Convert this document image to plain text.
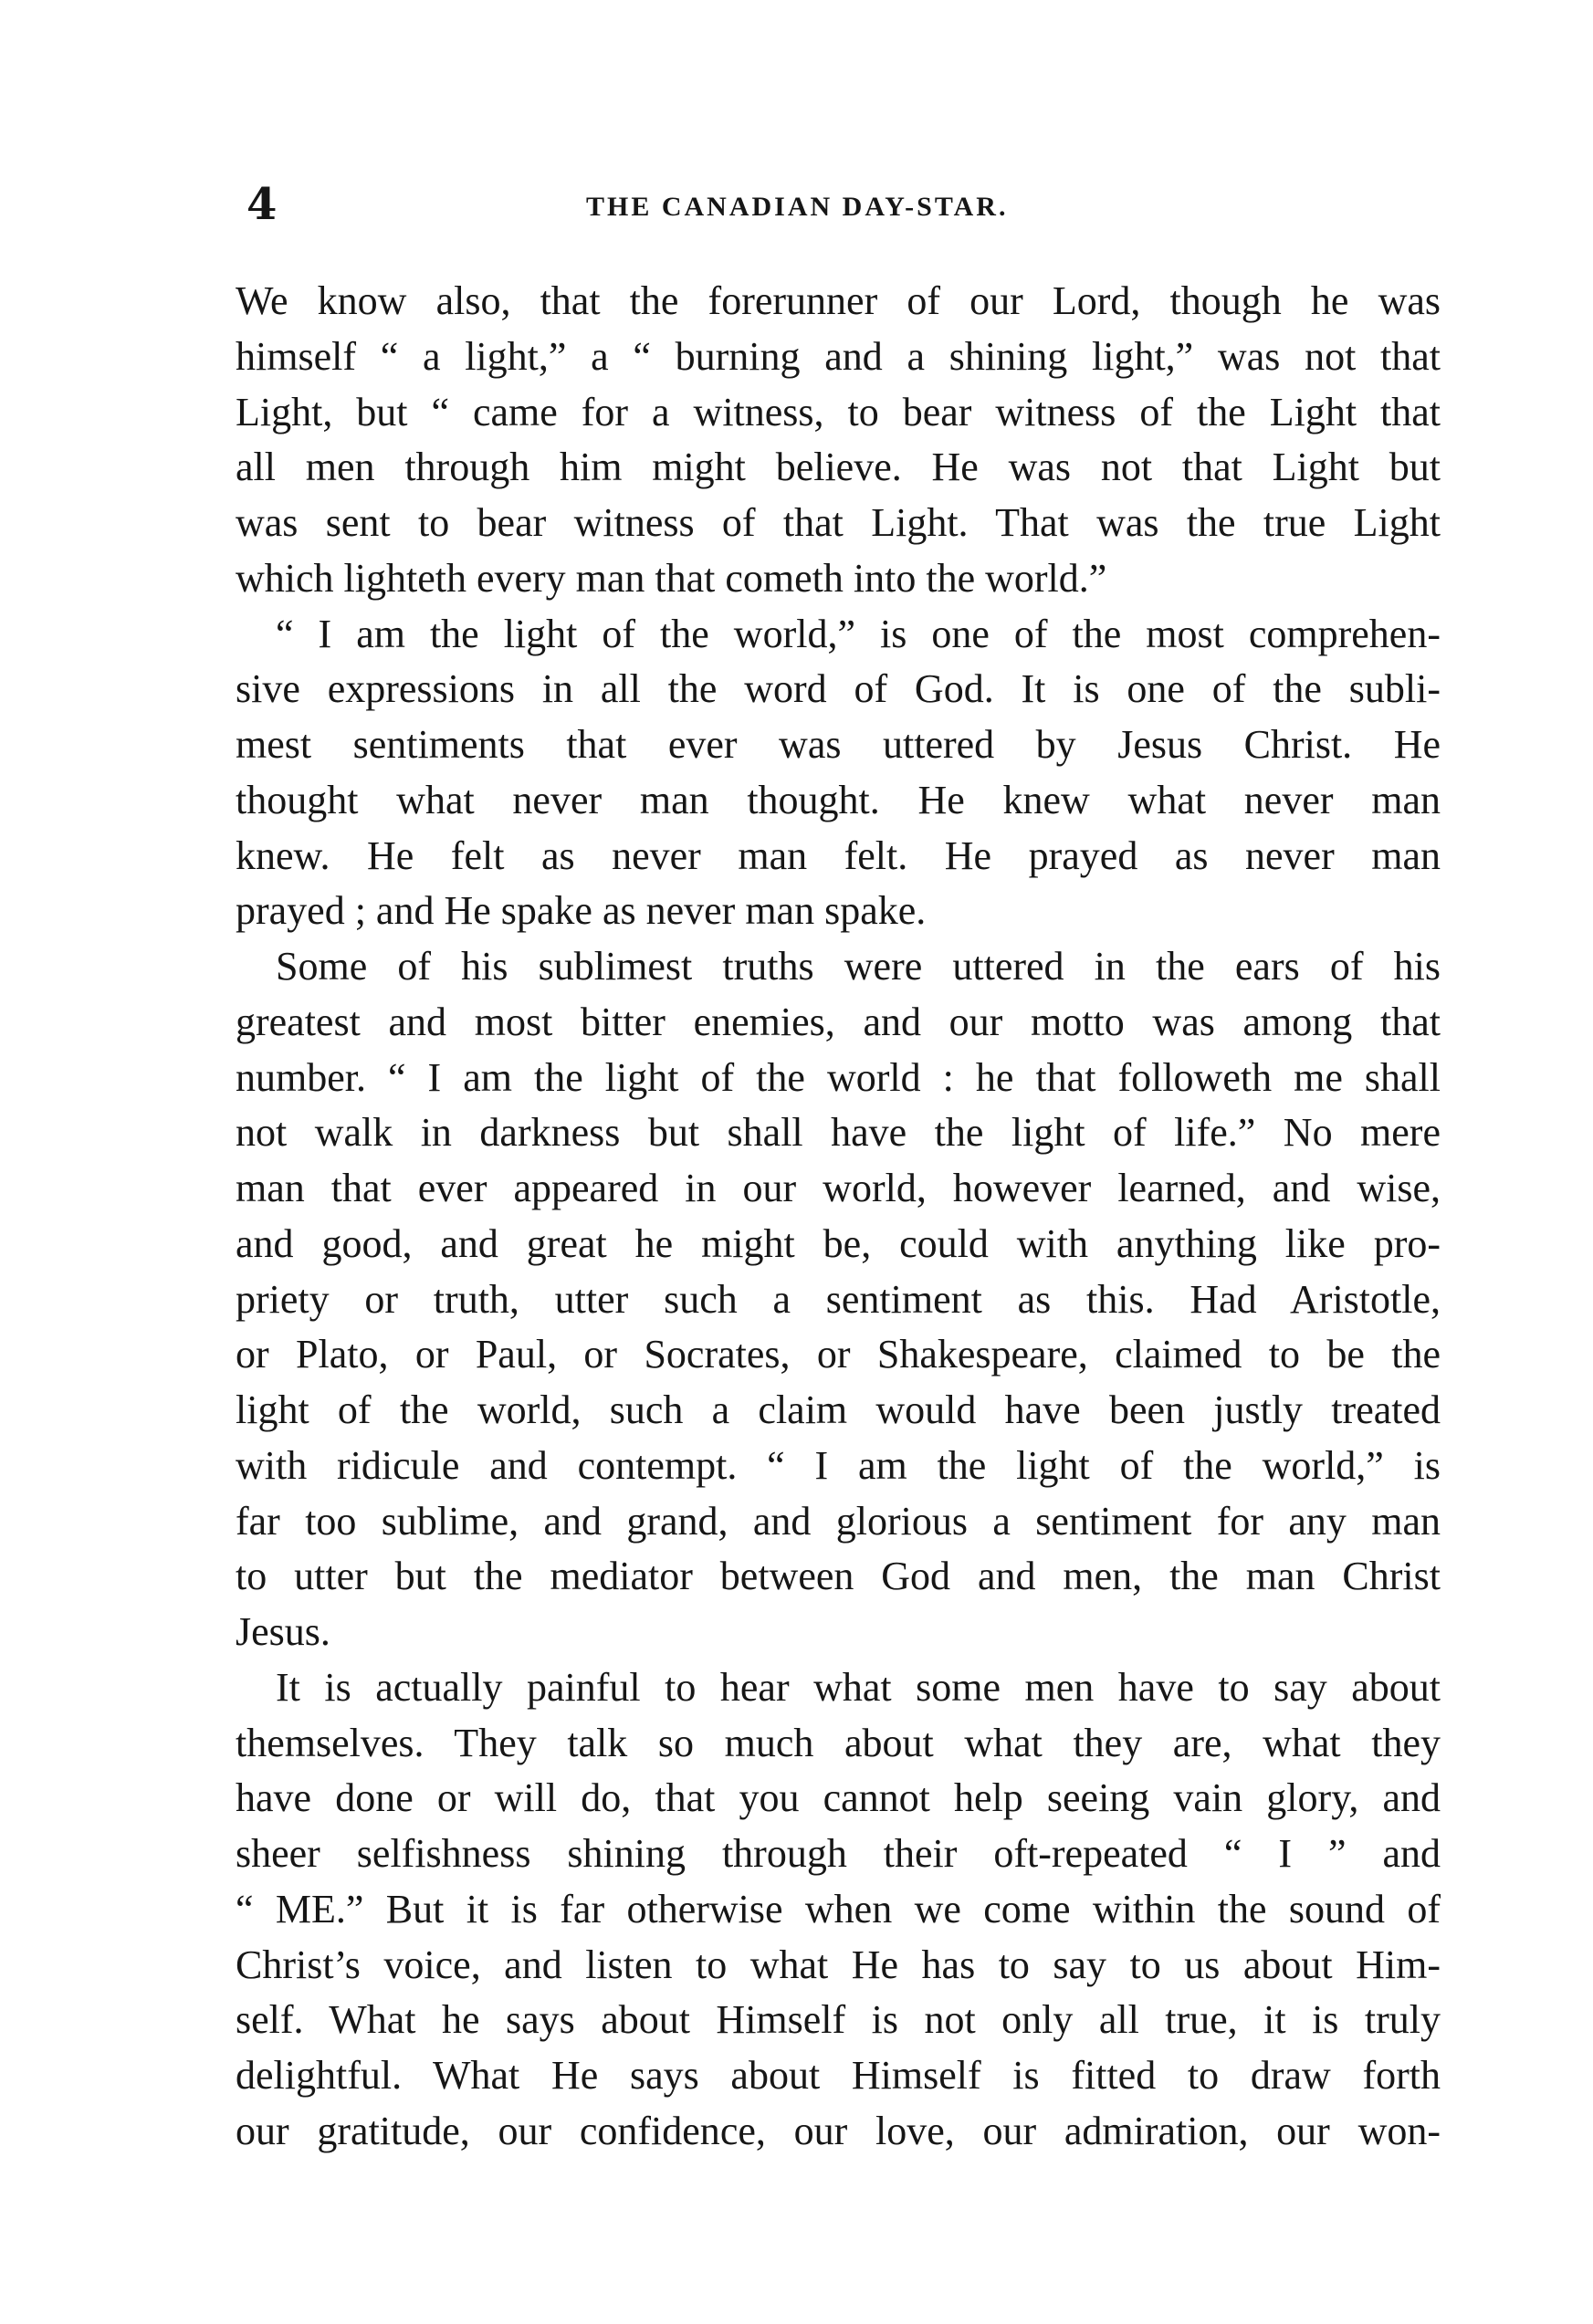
4	THE CANADIAN DAY-STAR.
We know also, that the forerunner of our Lord, though he was
himself “ a light,” a “ burning and a shining light,” was not that
Light, but “ came for a witness, to bear witness of the Light that
all men through him might believe. He was not that Light but
was sent to bear witness of that Light. That was the true Light
which lighteth every man that cometh into the world.”
“ I am the light of the world,” is one of the most comprehen-
sive expressions in all the word of God. It is one of the subli-
mest sentiments that ever was uttered by Jesus Christ. He
thought what never man thought. He knew what never man
knew. He felt as never man felt. He prayed as never man
prayed ; and He spake as never man spake.
Some of his sublimest truths were uttered in the ears of his
greatest and most bitter enemies, and our motto was among that
number. “ I am the light of the world : he that followeth me shall
not walk in darkness but shall have the light of life.” No mere
man that ever appeared in our world, however learned, and wise,
and good, and great he might be, could with anything like pro-
priety or truth, utter such a sentiment as this. Had Aristotle,
or Plato, or Paul, or Socrates, or Shakespeare, claimed to be the
light of the world, such a claim would have been justly treated
with ridicule and contempt. “ I am the light of the world,” is
far too sublime, and grand, and glorious a sentiment for any man
to utter but the mediator between God and men, the man Christ
Jesus.
It is actually painful to hear what some men have to say about
themselves. They talk so much about what they are, what they
have done or will do, that you cannot help seeing vain glory, and
sheer selfishness shining through their oft-repeated “ I ” and
“ ME.” But it is far otherwise when we come within the sound of
Christ’s voice, and listen to what He has to say to us about Him-
self. What he says about Himself is not only all true, it is truly
delightful. What He says about Himself is fitted to draw forth
our gratitude, our confidence, our love, our admiration, our won-
